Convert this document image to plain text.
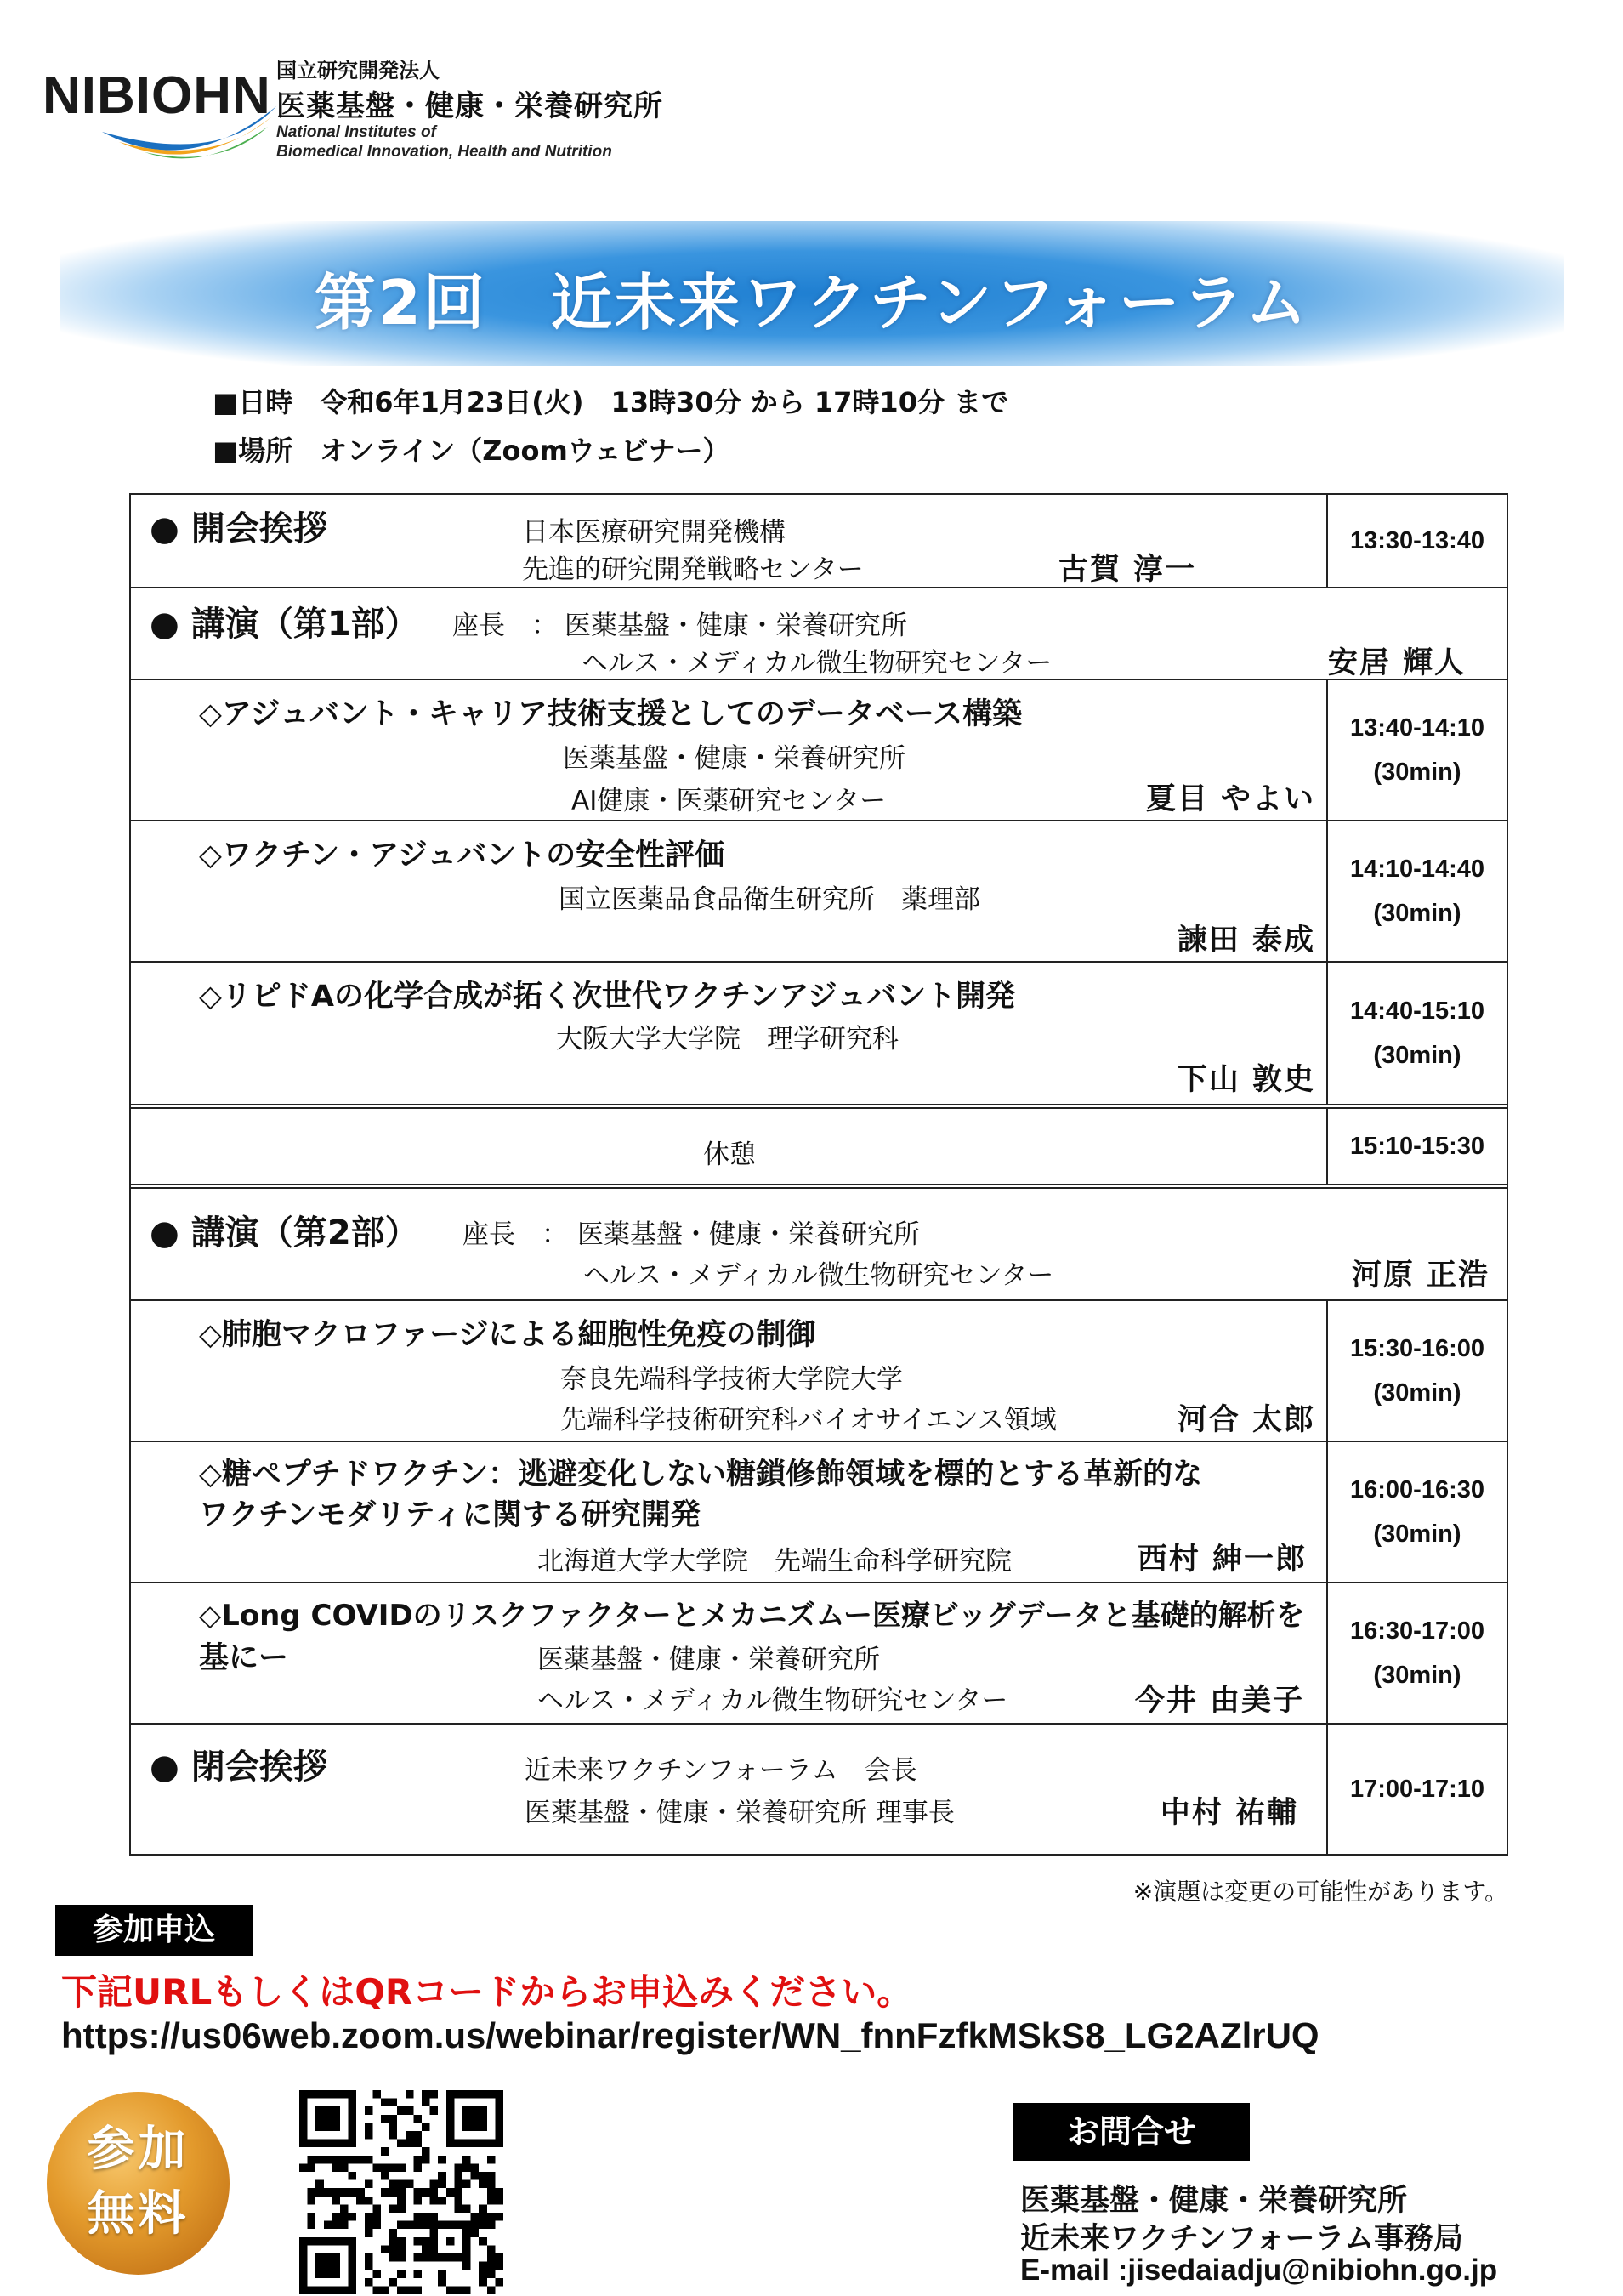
NIBIOHN 国立研究開発法人
医薬基盤・健康・栄養研究所
National Institutes of
Biomedical Innovation, Health and Nutrition
第2回　近未来ワクチンフォーラム
■日時　令和6年1月23日(火)　13時30分 から 17時10分 まで
■場所　オンライン（Zoomウェビナー）
● 開会挨拶	日本医療研究開発機構
先進的研究開発戦略センター	古賀 淳一
13:30-13:40
● 講演（第1部） 座長　： 医薬基盤・健康・栄養研究所
ヘルス・メディカル微生物研究センター	安居 輝人
◇アジュバント・キャリア技術支援としてのデータベース構築
医薬基盤・健康・栄養研究所
AI健康・医薬研究センター	夏目 やよい
13:40-14:10
(30min)
◇ワクチン・アジュバントの安全性評価
国立医薬品食品衛生研究所　薬理部
諫田 泰成
14:10-14:40
(30min)
◇リピドAの化学合成が拓く次世代ワクチンアジュバント開発
大阪大学大学院　理学研究科
下山 敦史
14:40-15:10
(30min)
休憩	15:10-15:30
● 講演（第2部） 座長　： 医薬基盤・健康・栄養研究所
ヘルス・メディカル微生物研究センター	河原 正浩
◇肺胞マクロファージによる細胞性免疫の制御
奈良先端科学技術大学院大学
先端科学技術研究科バイオサイエンス領域	河合 太郎
15:30-16:00
(30min)
◇糖ペプチドワクチン：逃避変化しない糖鎖修飾領域を標的とする革新的な
ワクチンモダリティに関する研究開発
北海道大学大学院　先端生命科学研究院	西村 紳一郎
16:00-16:30
(30min)
◇Long COVIDのリスクファクターとメカニズムー医療ビッグデータと基礎的解析を
基にー	医薬基盤・健康・栄養研究所
ヘルス・メディカル微生物研究センター	今井 由美子
16:30-17:00
(30min)
● 閉会挨拶	近未来ワクチンフォーラム　会長
医薬基盤・健康・栄養研究所 理事長	中村 祐輔
17:00-17:10
※演題は変更の可能性があります。
参加申込
下記URLもしくはQRコードからお申込みください。
https://us06web.zoom.us/webinar/register/WN_fnnFzfkMSkS8_LG2AZlrUQ
参加
無料
お問合せ
医薬基盤・健康・栄養研究所
近未来ワクチンフォーラム事務局
E-mail :jisedaiadju@nibiohn.go.jp
